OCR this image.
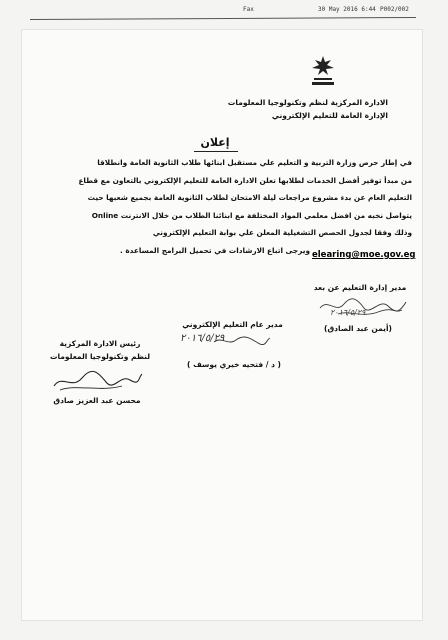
Fax	30 May 2016 6:44 P002/002
الادارة المركزية لنظم وتكنولوجيا المعلومات
الإدارة العامة للتعليم الإلكتروني
إعلان
في إطار حرص وزارة التربية و التعليم علي مستقبل ابنائها طلاب الثانوية العامة وانطلاقا
من مبدأ توفير أفضل الخدمات لطلابها تعلن الادارة العامة للتعليم الإلكتروني بالتعاون مع قطاع
التعليم العام عن بدء مشروع مراجعات ليلة الامتحان لطلاب الثانوية العامة بجميع شعبها حيث
يتواصل نخبه من افضل معلمي المواد المختلفة مع ابنائنا الطلاب من خلال الانترنت Online
وذلك وفقا لجدول الحصص التشغيلية المعلن علي بوابة التعليم الإلكتروني
ويرجى اتباع الارشادات في تحميل البرامج المساعدة . elearing@moe.gov.eg
مدير إدارة التعليم عن بعد
(أيمن عبد الصادق)
مدير عام التعليم الإلكتروني
٢٠١٦/٥/٢٩
( د / فتحيه خيري يوسف )
رئيس الادارة المركزية
لنظم وتكنولوجيا المعلومات
محسن عبد العزيز صادق
٢٠١٦/٥/٢٩
